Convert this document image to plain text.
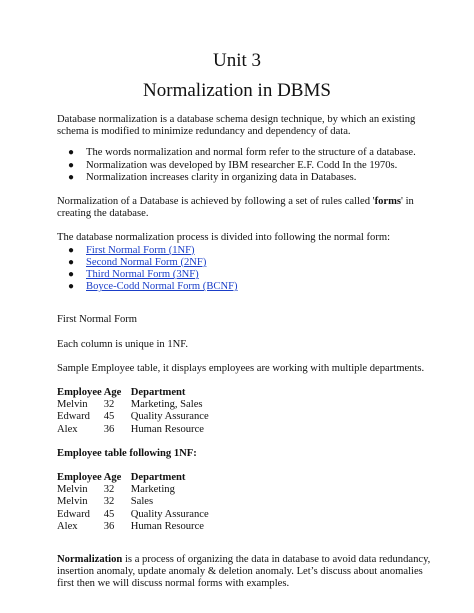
Unit 3
Normalization in DBMS

Database normalization is a database schema design technique, by which an existing schema is modified to minimize redundancy and dependency of data.

● The words normalization and normal form refer to the structure of a database.
● Normalization was developed by IBM researcher E.F. Codd In the 1970s.
● Normalization increases clarity in organizing data in Databases.

Normalization of a Database is achieved by following a set of rules called 'forms' in creating the database.

The database normalization process is divided into following the normal form:

● First Normal Form (1NF)
● Second Normal Form (2NF)
● Third Normal Form (3NF)
● Boyce-Codd Normal Form (BCNF)

First Normal Form

Each column is unique in 1NF.

Sample Employee table, it displays employees are working with multiple departments.

Employee	Age	Department
Melvin	32	Marketing, Sales
Edward	45	Quality Assurance
Alex	36	Human Resource

Employee table following 1NF:

Employee	Age	Department
Melvin	32	Marketing
Melvin	32	Sales
Edward	45	Quality Assurance
Alex	36	Human Resource

Normalization is a process of organizing the data in database to avoid data redundancy, insertion anomaly, update anomaly & deletion anomaly. Let’s discuss about anomalies first then we will discuss normal forms with examples.
